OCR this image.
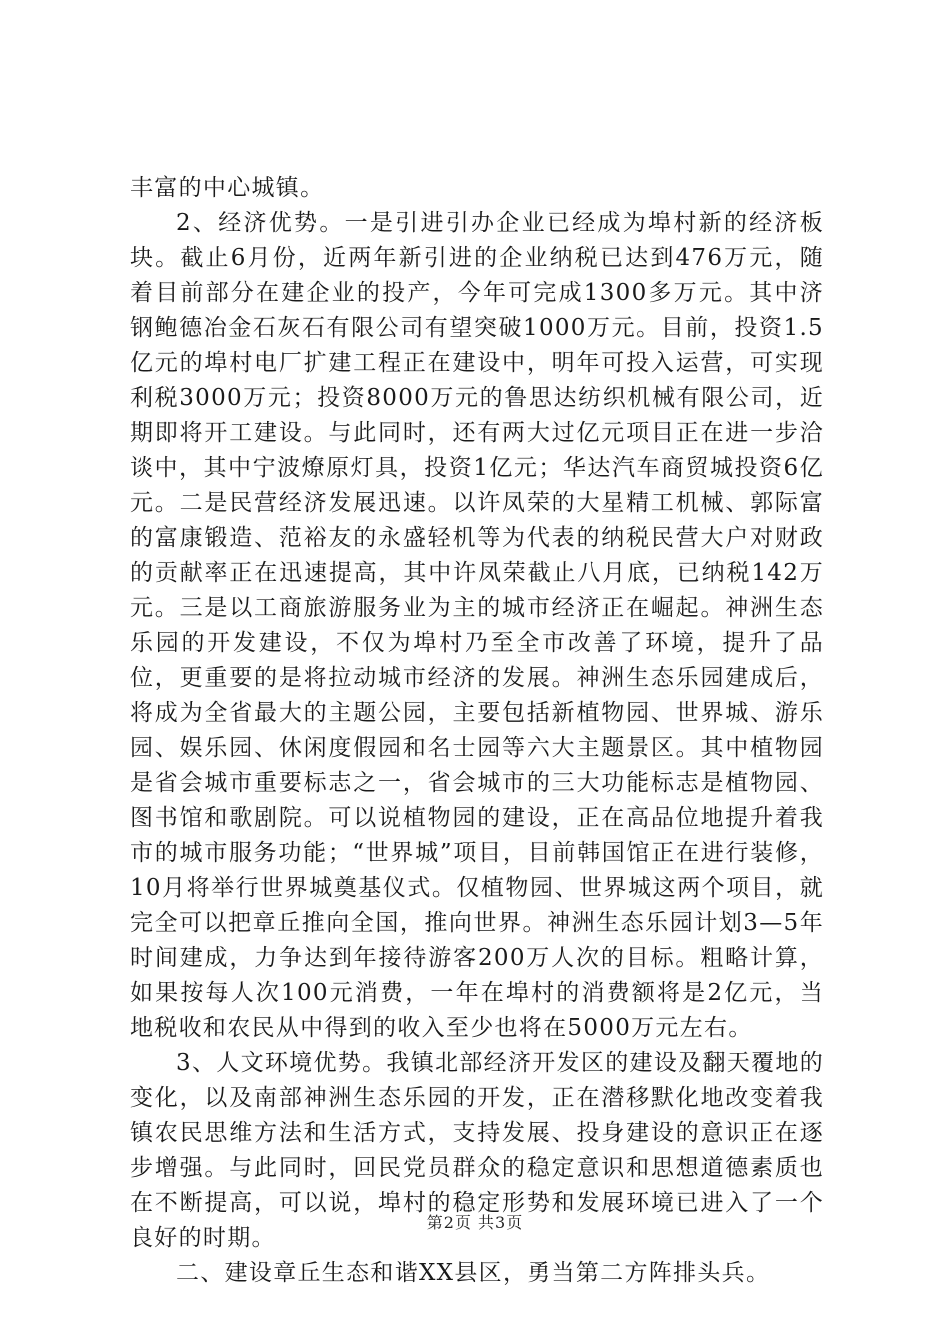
丰富的中心城镇。

2、经济优势。一是引进引办企业已经成为埠村新的经济板块。截止6月份，近两年新引进的企业纳税已达到476万元，随着目前部分在建企业的投产，今年可完成1300多万元。其中济钢鲍德冶金石灰石有限公司有望突破1000万元。目前，投资1.5亿元的埠村电厂扩建工程正在建设中，明年可投入运营，可实现利税3000万元；投资8000万元的鲁思达纺织机械有限公司，近期即将开工建设。与此同时，还有两大过亿元项目正在进一步洽谈中，其中宁波燎原灯具，投资1亿元；华达汽车商贸城投资6亿元。二是民营经济发展迅速。以许凤荣的大星精工机械、郭际富的富康锻造、范裕友的永盛轻机等为代表的纳税民营大户对财政的贡献率正在迅速提高，其中许凤荣截止八月底，已纳税142万元。三是以工商旅游服务业为主的城市经济正在崛起。神洲生态乐园的开发建设，不仅为埠村乃至全市改善了环境，提升了品位，更重要的是将拉动城市经济的发展。神洲生态乐园建成后，将成为全省最大的主题公园，主要包括新植物园、世界城、游乐园、娱乐园、休闲度假园和名士园等六大主题景区。其中植物园是省会城市重要标志之一，省会城市的三大功能标志是植物园、图书馆和歌剧院。可以说植物园的建设，正在高品位地提升着我市的城市服务功能；“世界城”项目，目前韩国馆正在进行装修，10月将举行世界城奠基仪式。仅植物园、世界城这两个项目，就完全可以把章丘推向全国，推向世界。神洲生态乐园计划3—5年时间建成，力争达到年接待游客200万人次的目标。粗略计算，如果按每人次100元消费，一年在埠村的消费额将是2亿元，当地税收和农民从中得到的收入至少也将在5000万元左右。

3、人文环境优势。我镇北部经济开发区的建设及翻天覆地的变化，以及南部神洲生态乐园的开发，正在潜移默化地改变着我镇农民思维方法和生活方式，支持发展、投身建设的意识正在逐步增强。与此同时，回民党员群众的稳定意识和思想道德素质也在不断提高，可以说，埠村的稳定形势和发展环境已进入了一个良好的时期。

二、建设章丘生态和谐XX县区，勇当第二方阵排头兵。

第2页 共3页
